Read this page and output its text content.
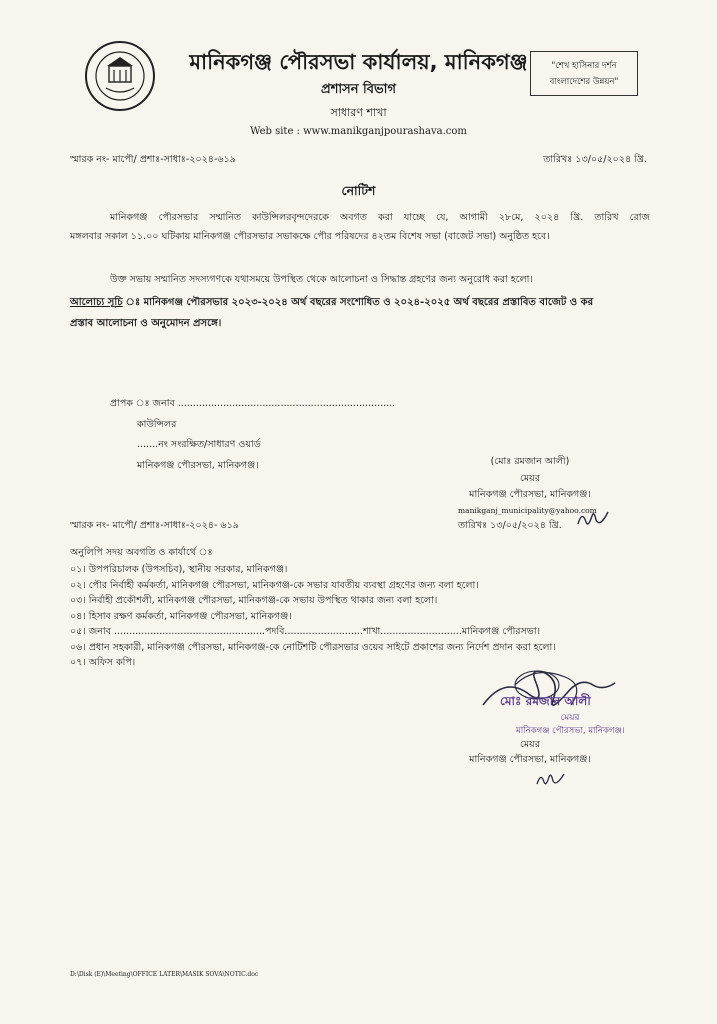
মানিকগঞ্জ পৌরসভা কার্যালয়, মানিকগঞ্জ
প্রশাসন বিভাগ
সাধারণ শাখা
Web site : www.manikganjpourashava.com
"শেখ হাসিনার দর্শন
বাংলাদেশের উন্নয়ন"
স্মারক নং- মাপৌ/ প্রশাঃ-সাধাঃ-২০২৪-৬১৯	তারিখঃ ১৩/০৫/২০২৪ খ্রি.
নোটিশ
মানিকগঞ্জ পৌরসভার সম্মানিত কাউন্সিলরবৃন্দদেরকে অবগত করা যাচ্ছে যে, আগামী ২৮মে, ২০২৪ খ্রি. তারিখ রোজ
মঙ্গলবার সকাল ১১.০০ ঘটিকায় মানিকগঞ্জ পৌরসভার সভাকক্ষে পৌর পরিষদের ৪২তম বিশেষ সভা (বাজেট সভা) অনুষ্ঠিত হবে।
উক্ত সভায় সম্মানিত সদস্যগণকে যথাসময়ে উপস্থিত থেকে আলোচনা ও সিদ্ধান্ত গ্রহণের জন্য অনুরোধ করা হলো।
আলোচ্য সূচি ঃ মানিকগঞ্জ পৌরসভার ২০২৩-২০২৪ অর্থ বছরের সংশোধিত ও ২০২৪-২০২৫ অর্থ বছরের প্রস্তাবিত বাজেট ও কর
প্রস্তাব আলোচনা ও অনুমোদন প্রসঙ্গে।
প্রাপক ঃ জনাব ........................................................................
কাউন্সিলর
.......নং সংরক্ষিত/সাধারণ ওয়ার্ড
মানিকগঞ্জ পৌরসভা, মানিকগঞ্জ।	(মোঃ রমজান আলী)
মেয়র
মানিকগঞ্জ পৌরসভা, মানিকগঞ্জ।
manikganj_municipality@yahoo.com
তারিখঃ ১৩/০৫/২০২৪ খ্রি.
স্মারক নং- মাপৌ/ প্রশাঃ-সাধাঃ-২০২৪- ৬১৯
অনুলিপি সদয় অবগতি ও কার্যার্থে ঃ
০১। উপপরিচালক (উপসচিব), স্থানীয় সরকার, মানিকগঞ্জ।
০২। পৌর নির্বাহী কর্মকর্তা, মানিকগঞ্জ পৌরসভা, মানিকগঞ্জ-কে সভার যাবতীয় ব্যবস্থা গ্রহণের জন্য বলা হলো।
০৩। নির্বাহী প্রকৌশলী, মানিকগঞ্জ পৌরসভা, মানিকগঞ্জ-কে সভায় উপস্থিত থাকার জন্য বলা হলো।
০৪। হিসাব রক্ষণ কর্মকর্তা, মানিকগঞ্জ পৌরসভা, মানিকগঞ্জ।
০৫। জনাব ..................................................পদবি..........................শাখা...........................মানিকগঞ্জ পৌরসভা।
০৬। প্রধান সহকারী, মানিকগঞ্জ পৌরসভা, মানিকগঞ্জ-কে নোটিশটি পৌরসভার ওয়েব সাইটে প্রকাশের জন্য নির্দেশ প্রদান করা হলো।
০৭। অফিস কপি।
মোঃ রমজান আলী
মেয়র
মানিকগঞ্জ পৌরসভা, মানিকগঞ্জ।
মেয়র
মানিকগঞ্জ পৌরসভা, মানিকগঞ্জ।
D:\Disk (E)\Meeting\OFFICE LATER\MASIK SOVA\NOTIC.doc
